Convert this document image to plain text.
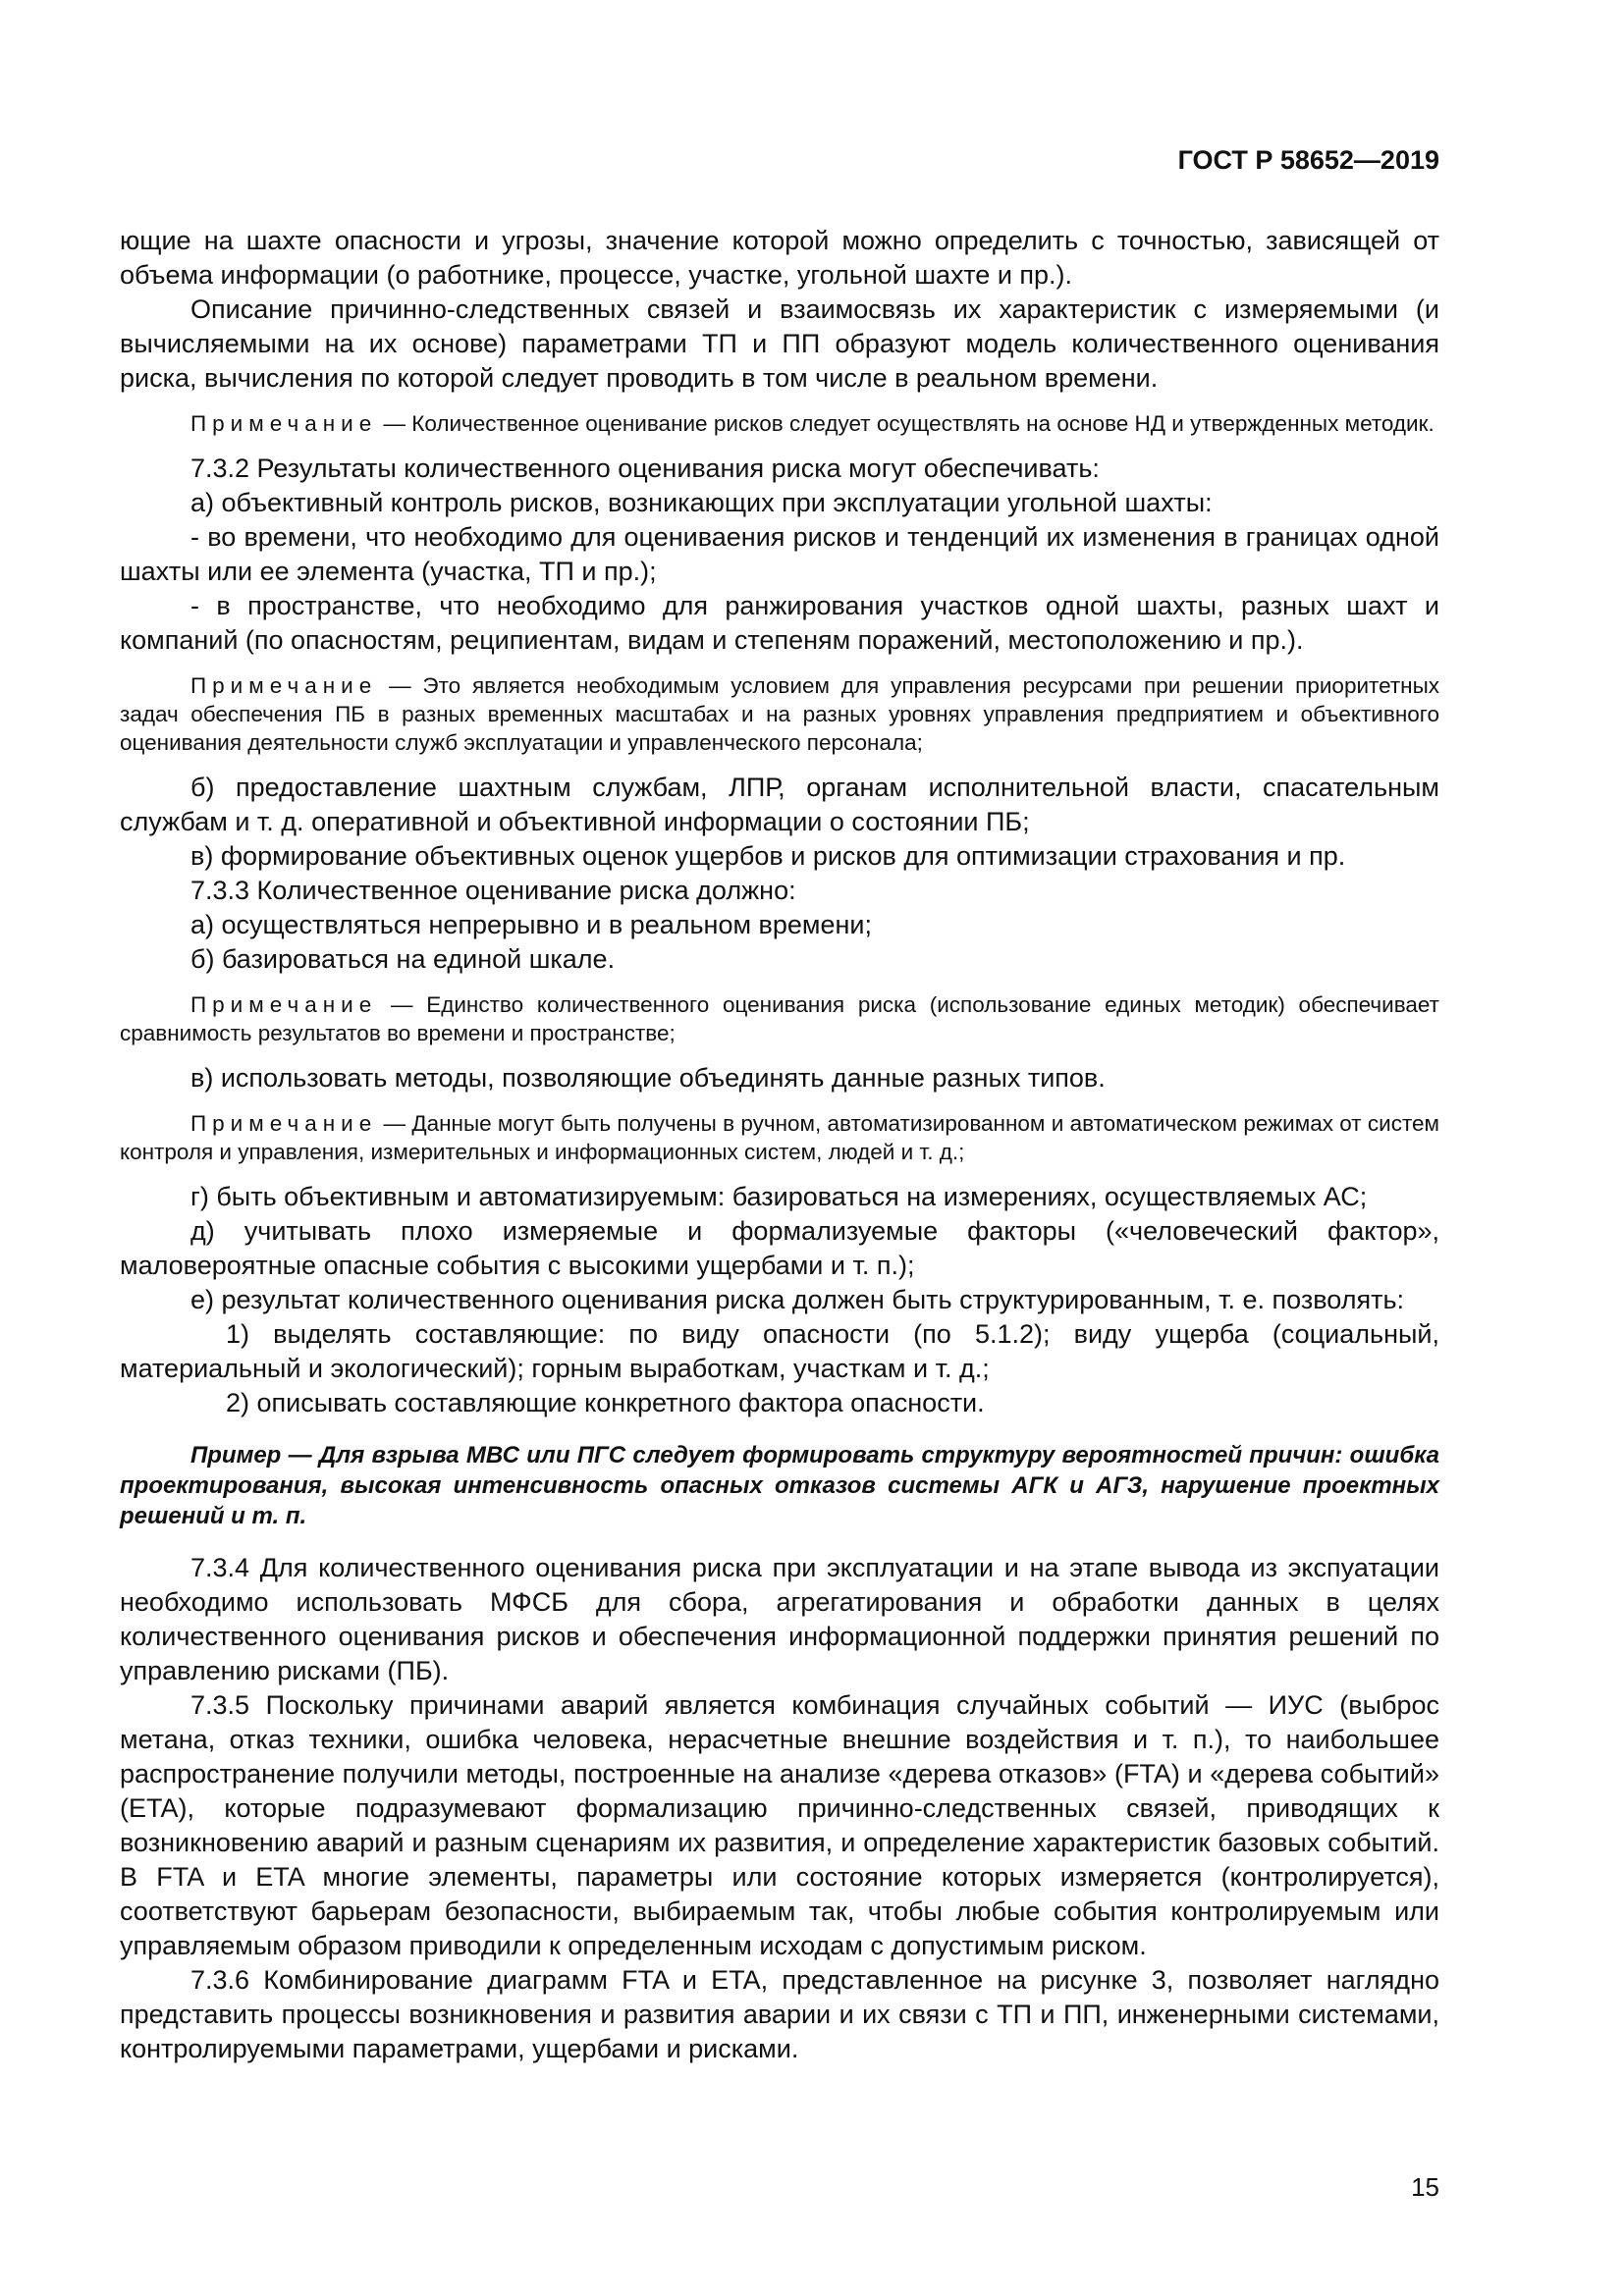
ГОСТ Р 58652—2019

ющие на шахте опасности и угрозы, значение которой можно определить с точностью, зависящей от объема информации (о работнике, процессе, участке, угольной шахте и пр.).

Описание причинно-следственных связей и взаимосвязь их характеристик с измеряемыми (и вычисляемыми на их основе) параметрами ТП и ПП образуют модель количественного оценивания риска, вычисления по которой следует проводить в том числе в реальном времени.

Примечание — Количественное оценивание рисков следует осуществлять на основе НД и утвержденных методик.

7.3.2 Результаты количественного оценивания риска могут обеспечивать:

а) объективный контроль рисков, возникающих при эксплуатации угольной шахты:

- во времени, что необходимо для оцениваения рисков и тенденций их изменения в границах одной шахты или ее элемента (участка, ТП и пр.);

- в пространстве, что необходимо для ранжирования участков одной шахты, разных шахт и компаний (по опасностям, реципиентам, видам и степеням поражений, местоположению и пр.).

Примечание — Это является необходимым условием для управления ресурсами при решении приоритетных задач обеспечения ПБ в разных временных масштабах и на разных уровнях управления предприятием и объективного оценивания деятельности служб эксплуатации и управленческого персонала;

б) предоставление шахтным службам, ЛПР, органам исполнительной власти, спасательным службам и т. д. оперативной и объективной информации о состоянии ПБ;

в) формирование объективных оценок ущербов и рисков для оптимизации страхования и пр.

7.3.3 Количественное оценивание риска должно:

а) осуществляться непрерывно и в реальном времени;

б) базироваться на единой шкале.

Примечание — Единство количественного оценивания риска (использование единых методик) обеспечивает сравнимость результатов во времени и пространстве;

в) использовать методы, позволяющие объединять данные разных типов.

Примечание — Данные могут быть получены в ручном, автоматизированном и автоматическом режимах от систем контроля и управления, измерительных и информационных систем, людей и т. д.;

г) быть объективным и автоматизируемым: базироваться на измерениях, осуществляемых АС;

д) учитывать плохо измеряемые и формализуемые факторы («человеческий фактор», маловероятные опасные события с высокими ущербами и т. п.);

е) результат количественного оценивания риска должен быть структурированным, т. е. позволять:

1) выделять составляющие: по виду опасности (по 5.1.2); виду ущерба (социальный, материальный и экологический); горным выработкам, участкам и т. д.;

2) описывать составляющие конкретного фактора опасности.

Пример — Для взрыва МВС или ПГС следует формировать структуру вероятностей причин: ошибка проектирования, высокая интенсивность опасных отказов системы АГК и АГЗ, нарушение проектных решений и т. п.

7.3.4 Для количественного оценивания риска при эксплуатации и на этапе вывода из экспуатации необходимо использовать МФСБ для сбора, агрегатирования и обработки данных в целях количественного оценивания рисков и обеспечения информационной поддержки принятия решений по управлению рисками (ПБ).

7.3.5 Поскольку причинами аварий является комбинация случайных событий — ИУС (выброс метана, отказ техники, ошибка человека, нерасчетные внешние воздействия и т. п.), то наибольшее распространение получили методы, построенные на анализе «дерева отказов» (FTA) и «дерева событий» (ETA), которые подразумевают формализацию причинно-следственных связей, приводящих к возникновению аварий и разным сценариям их развития, и определение характеристик базовых событий. В FTA и ETA многие элементы, параметры или состояние которых измеряется (контролируется), соответствуют барьерам безопасности, выбираемым так, чтобы любые события контролируемым или управляемым образом приводили к определенным исходам с допустимым риском.

7.3.6 Комбинирование диаграмм FTA и ETA, представленное на рисунке 3, позволяет наглядно представить процессы возникновения и развития аварии и их связи с ТП и ПП, инженерными системами, контролируемыми параметрами, ущербами и рисками.

15
